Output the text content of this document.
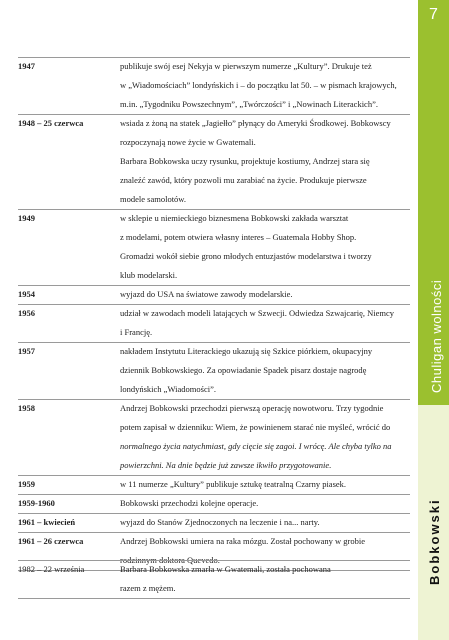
1947	publikuje swój esej Nekyja w pierwszym numerze „Kultury”. Drukuje też
w „Wiadomościach” londyńskich i – do początku lat 50. – w pismach krajowych,
m.in. „Tygodniku Powszechnym”, „Twórczości” i „Nowinach Literackich”.
1948 – 25 czerwca	wsiada z żoną na statek „Jagiełło” płynący do Ameryki Środkowej. Bobkowscy
rozpoczynają nowe życie w Gwatemali.
Barbara Bobkowska uczy rysunku, projektuje kostiumy, Andrzej stara się
znaleźć zawód, który pozwoli mu zarabiać na życie. Produkuje pierwsze
modele samolotów.
1949	w sklepie u niemieckiego biznesmena Bobkowski zakłada warsztat
z modelami, potem otwiera własny interes – Guatemala Hobby Shop.
Gromadzi wokół siebie grono młodych entuzjastów modelarstwa i tworzy
klub modelarski.
1954	wyjazd do USA na światowe zawody modelarskie.
1956	udział w zawodach modeli latających w Szwecji. Odwiedza Szwajcarię, Niemcy
i Francję.
1957	nakładem Instytutu Literackiego ukazują się Szkice piórkiem, okupacyjny
dziennik Bobkowskiego. Za opowiadanie Spadek pisarz dostaje nagrodę
londyńskich „Wiadomości”.
1958	Andrzej Bobkowski przechodzi pierwszą operację nowotworu. Trzy tygodnie
potem zapisał w dzienniku: Wiem, że powinienem starać nie myśleć, wrócić do
normalnego życia natychmiast, gdy cięcie się zagoi. I wrócę. Ale chyba tylko na
powierzchni. Na dnie będzie już zawsze ikwiło przygotowanie.
1959	w 11 numerze „Kultury” publikuje sztukę teatralną Czarny piasek.
1959-1960	Bobkowski przechodzi kolejne operacje.
1961 – kwiecień	wyjazd do Stanów Zjednoczonych na leczenie i na... narty.
1961 – 26 czerwca	Andrzej Bobkowski umiera na raka mózgu. Został pochowany w grobie
rodzinnym doktora Quevedo.
1982 – 22 września	Barbara Bobkowska zmarła w Gwatemali, została pochowana
razem z mężem.
7
Chuligan wolności
Bobkowski
